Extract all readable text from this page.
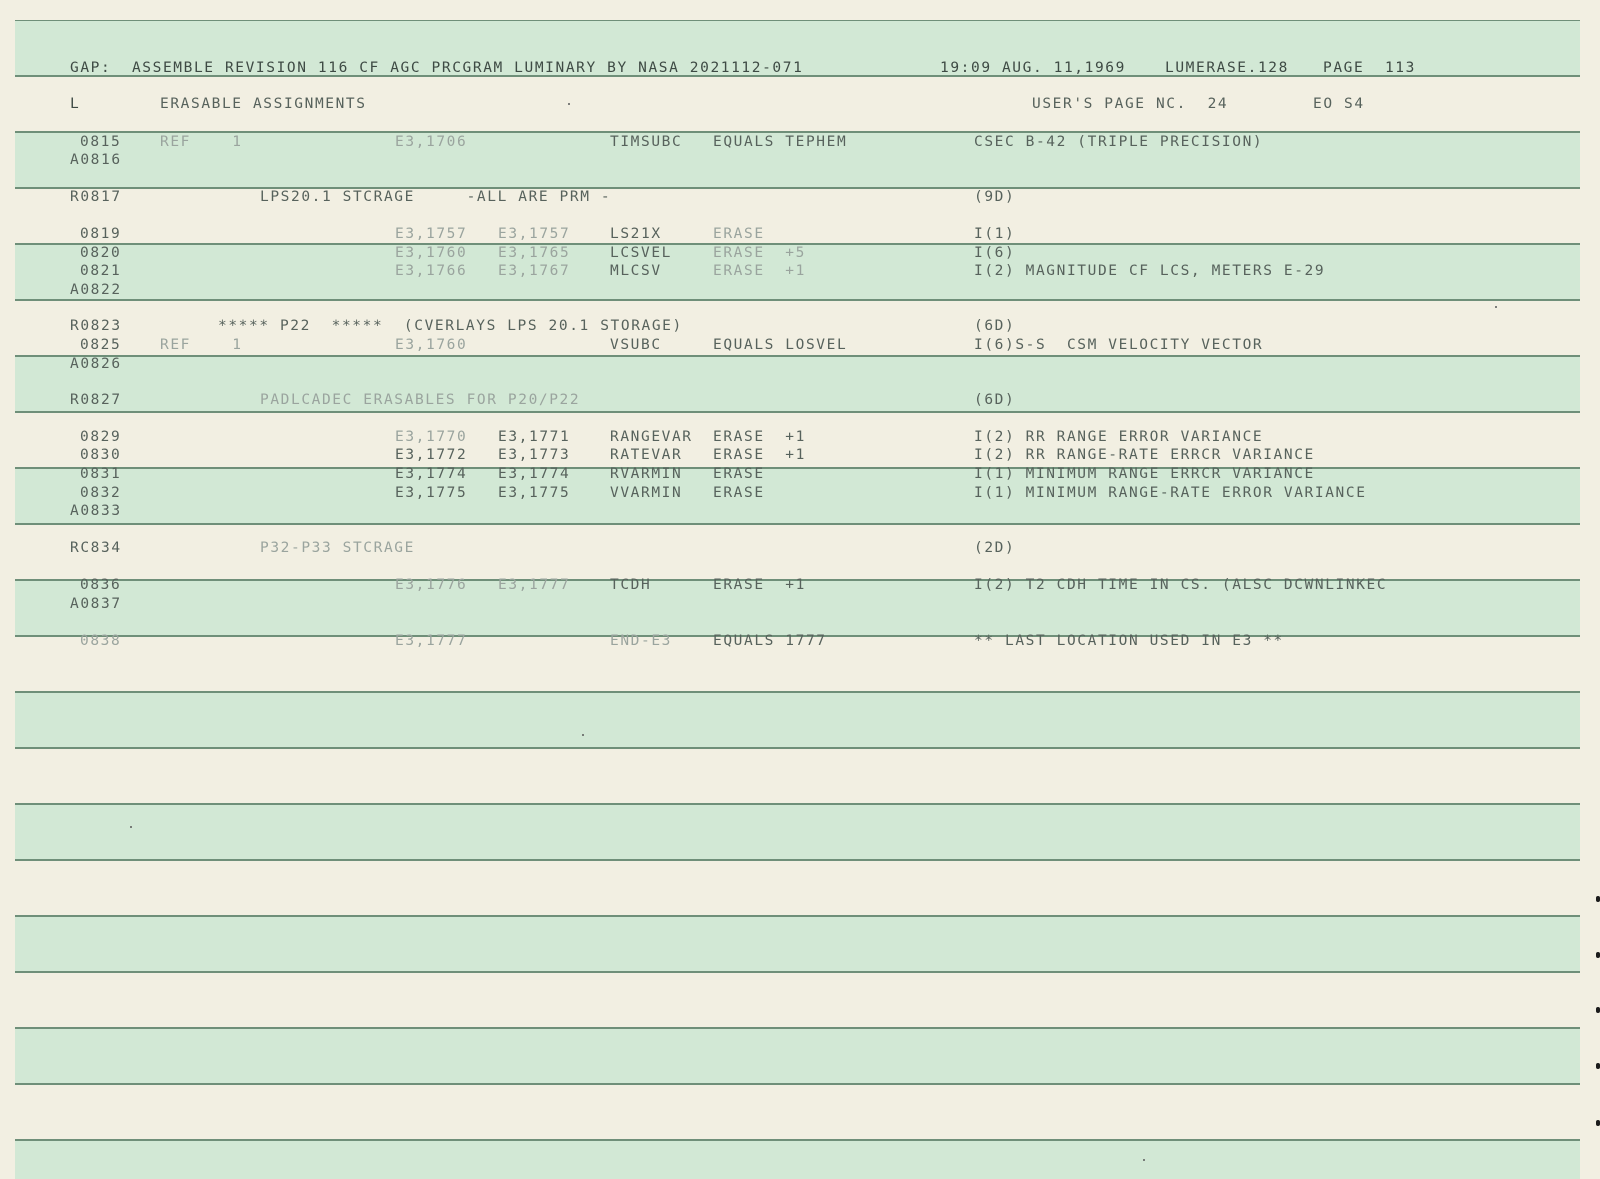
GAP:  ASSEMBLE REVISION 116 CF AGC PRCGRAM LUMINARY BY NASA 2021112-071	19:09 AUG. 11,1969	LUMERASE.128 PAGE  113
L	ERASABLE ASSIGNMENTS	USER'S PAGE NC.  24	EO S4
0815	REF    1	E3,1706	TIMSUBC EQUALS TEPHEM	CSEC B-42 (TRIPLE PRECISION)
A0816
R0817	LPS20.1 STCRAGE     -ALL ARE PRM -	(9D)
0819	E3,1757 E3,1757	LS21X	ERASE	I(1)
0820	E3,1760 E3,1765	LCSVEL	ERASE  +5	I(6)
0821	E3,1766 E3,1767	MLCSV	ERASE  +1	I(2) MAGNITUDE CF LCS, METERS E-29
A0822
R0823	***** P22  *****  (CVERLAYS LPS 20.1 STORAGE)	(6D)
0825	REF    1	E3,1760	VSUBC	EQUALS LOSVEL	I(6)S-S  CSM VELOCITY VECTOR
A0826
R0827	PADLCADEC ERASABLES FOR P20/P22	(6D)
0829	E3,1770 E3,1771	RANGEVAR ERASE  +1	I(2) RR RANGE ERROR VARIANCE
0830	E3,1772 E3,1773	RATEVAR ERASE  +1	I(2) RR RANGE-RATE ERRCR VARIANCE
0831	E3,1774 E3,1774	RVARMIN ERASE	I(1) MINIMUM RANGE ERRCR VARIANCE
0832	E3,1775 E3,1775	VVARMIN ERASE	I(1) MINIMUM RANGE-RATE ERROR VARIANCE
A0833
RC834	P32-P33 STCRAGE	(2D)
0836	E3,1776 E3,1777	TCDH	ERASE  +1	I(2) T2 CDH TIME IN CS. (ALSC DCWNLINKEC
A0837
0838	E3,1777	END-E3	EQUALS 1777	** LAST LOCATION USED IN E3 **
